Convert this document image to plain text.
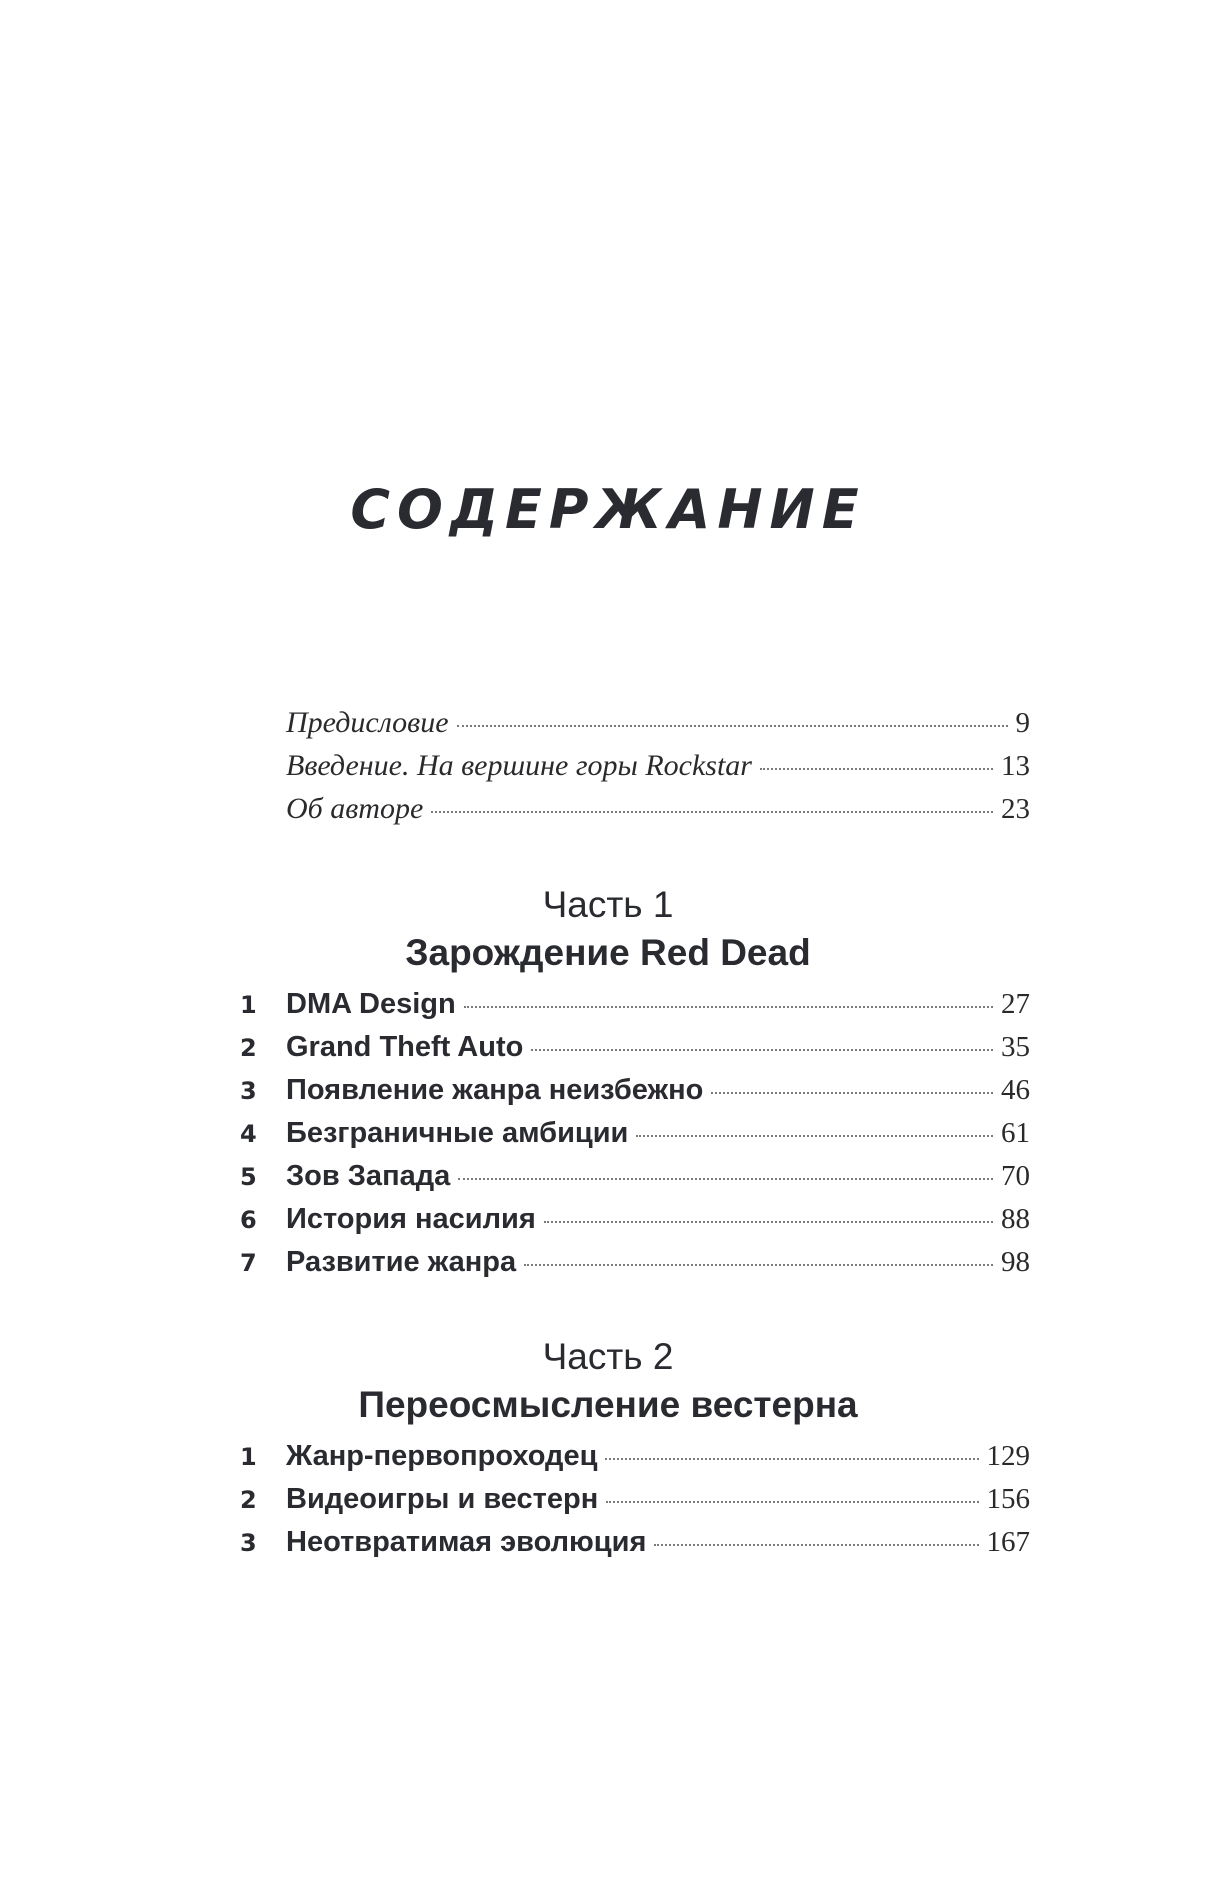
СОДЕРЖАНИЕ
Предисловие	9
Введение. На вершине горы Rockstar	13
Об авторе	23
Часть 1
Зарождение Red Dead
1	DMA Design	27
2	Grand Theft Auto	35
3	Появление жанра неизбежно	46
4	Безграничные амбиции	61
5	Зов Запада	70
6	История насилия	88
7	Развитие жанра	98
Часть 2
Переосмысление вестерна
1	Жанр-первопроходец	129
2	Видеоигры и вестерн	156
3	Неотвратимая эволюция	167
